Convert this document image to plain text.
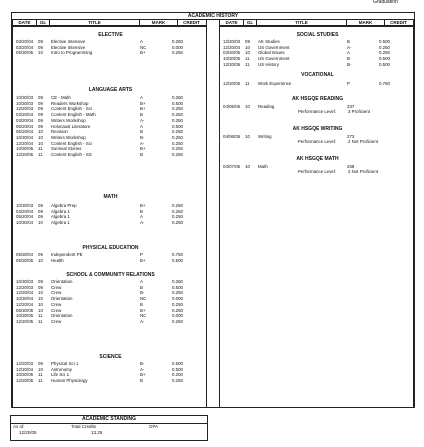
Graduation
ACADEMIC HISTORY
DATE	GL	TITLE	MARK	CREDIT	DATE	GL	TITLE	MARK	CREDIT
ELECTIVE
03/20/04 09 Elective Intensive	A	0.250
03/20/04 09 Elective Intensive	NC	0.000
05/30/05 10 Intro to Programming	B+	0.250
LANGUAGE ARTS
10/30/03 09 CE - Math	A	0.250
10/30/03 09 Readers Workshop	B+	0.500
12/20/03 09 Content English - Sci	B+	0.250
03/20/04 09 Content English - Math	B	0.250
03/20/04 09 Writers Workshop	A-	0.250
05/20/04 09 Holocaust Literature	A	0.500
05/20/04 10 Revision	B	0.250
10/30/04 10 Writers Workshop	B-	0.250
12/20/04 10 Content English - Sci	A-	0.250
10/30/05 11 Survival Stories	B+	0.250
12/20/05 11 Content English - SS	B	0.250
MATH
10/30/03 09 Algebra Prep	B+	0.250
03/20/04 09 Algebra 1	B	0.250
05/20/04 09 Algebra 1	A	0.250
10/30/04 10 Algebra 1	A-	0.250
PHYSICAL EDUCATION
05/30/04 09 Independent PE	P	0.750
05/30/05 10 Health	B+	0.500
SCHOOL & COMMUNITY RELATIONS
10/30/03 09 Orientation	A	0.250
12/20/03 09 Crew	B	0.500
12/20/04 10 Crew	B-	0.250
10/30/04 10 Orientation	NC	0.000
12/20/04 10 Crew	B	0.250
05/30/05 10 Crew	B+	0.250
10/30/05 11 Orientation	NC	0.000
12/20/05 11 Crew	A-	0.250
SCIENCE
12/20/03 09 Physical Sci 1	B-	0.500
12/20/04 10 Astronomy	A-	0.500
10/30/05 11 Life Sci 1	B+	0.250
12/20/05 11 Human Physiology	B	0.250
SOCIAL STUDIES
12/20/03 09 AK Studies	B	0.500
12/20/04 10 US Government	A-	0.250
03/20/05 10 Global Issues	A	0.250
10/30/05 11 US Government	B	0.500
12/20/05 11 US History	B-	0.500
VOCATIONAL
12/20/05 11 Work Experience	P	0.750
AK HSGQE READING
04/05/05 10 Reading	337
Performance Level:	3 Proficient
AK HSGQE WRITING
04/06/05 10 Writing	273
Performance Level:	2 Not Proficient
AK HSGQE MATH
04/07/05 10 Math	258
Performance Level:	2 Not Proficient
ACADEMIC STANDING
As of:	Total Credits	GPA
12/20/05	13.25
